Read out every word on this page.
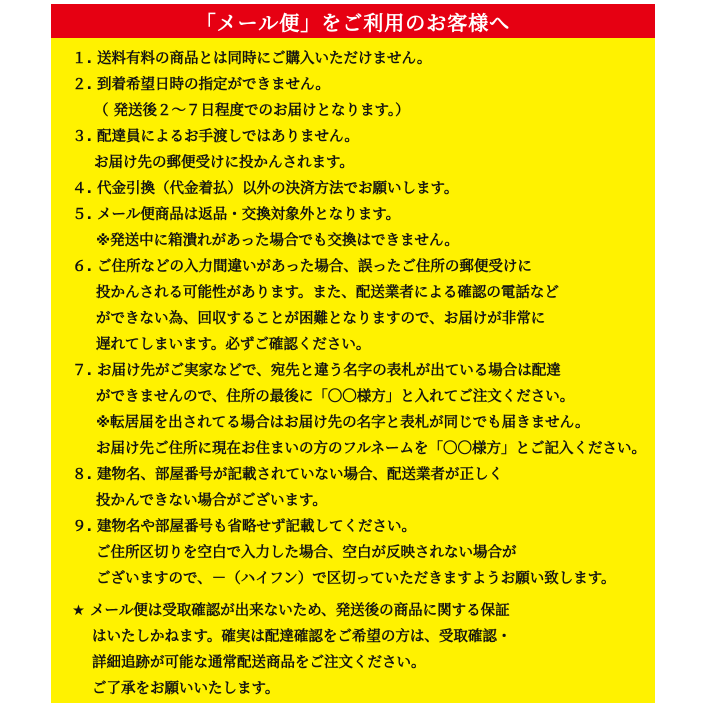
「メール便」をご利用のお客様へ
１. 送料有料の商品とは同時にご購入いただけません。
２. 到着希望日時の指定ができません。
（ 発送後２～７日程度でのお届けとなります。）
３. 配達員によるお手渡しではありません。
お届け先の郵便受けに投かんされます。
４. 代金引換（代金着払）以外の決済方法でお願いします。
５. メール便商品は返品・交換対象外となります。
※発送中に箱潰れがあった場合でも交換はできません。
６. ご住所などの入力間違いがあった場合、誤ったご住所の郵便受けに
投かんされる可能性があります。また、配送業者による確認の電話など
ができない為、回収することが困難となりますので、お届けが非常に
遅れてしまいます。必ずご確認ください。
７. お届け先がご実家などで、宛先と違う名字の表札が出ている場合は配達
ができませんので、住所の最後に「〇〇様方」と入れてご注文ください。
※転居届を出されてる場合はお届け先の名字と表札が同じでも届きません。
お届け先ご住所に現在お住まいの方のフルネームを「〇〇様方」とご記入ください。
８. 建物名、部屋番号が記載されていない場合、配送業者が正しく
投かんできない場合がございます。
９. 建物名や部屋番号も省略せず記載してください。
ご住所区切りを空白で入力した場合、空白が反映されない場合が
ございますので、－（ハイフン）で区切っていただきますようお願い致します。
★ メール便は受取確認が出来ないため、発送後の商品に関する保証
はいたしかねます。確実は配達確認をご希望の方は、受取確認・
詳細追跡が可能な通常配送商品をご注文ください。
ご了承をお願いいたします。
